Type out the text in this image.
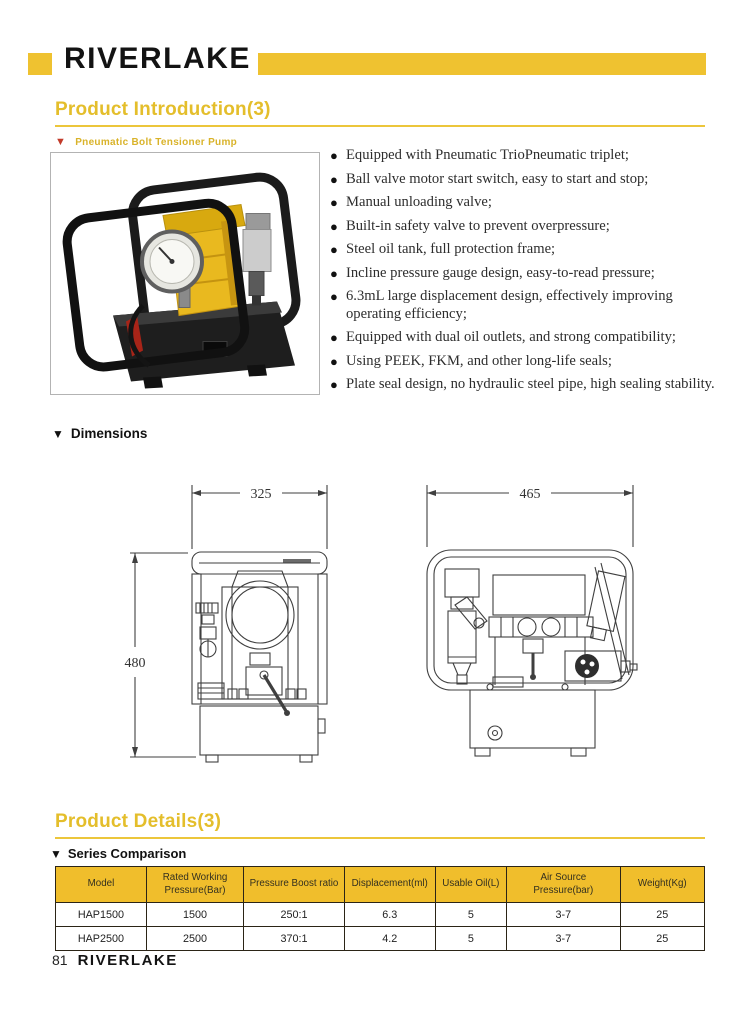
RIVERLAKE
Product Introduction(3)
▼ Pneumatic Bolt Tensioner Pump
● Equipped with Pneumatic TrioPneumatic triplet;
● Ball valve motor start switch, easy to start and stop;
● Manual unloading valve;
● Built-in safety valve to prevent overpressure;
● Steel oil tank, full protection frame;
● Incline pressure gauge design, easy-to-read pressure;
● 6.3mL large displacement design, effectively improving operating efficiency;
● Equipped with dual oil outlets, and strong compatibility;
● Using PEEK, FKM, and other long-life seals;
● Plate seal design, no hydraulic steel pipe, high sealing stability.
▼ Dimensions
325
480
465
Product Details(3)
▼ Series Comparison
Model	Rated Working Pressure(Bar)	Pressure Boost ratio	Displacement(ml)	Usable Oil(L)	Air Source Pressure(bar)	Weight(Kg)
HAP1500	1500	250:1	6.3	5	3-7	25
HAP2500	2500	370:1	4.2	5	3-7	25
81 RIVERLAKE
